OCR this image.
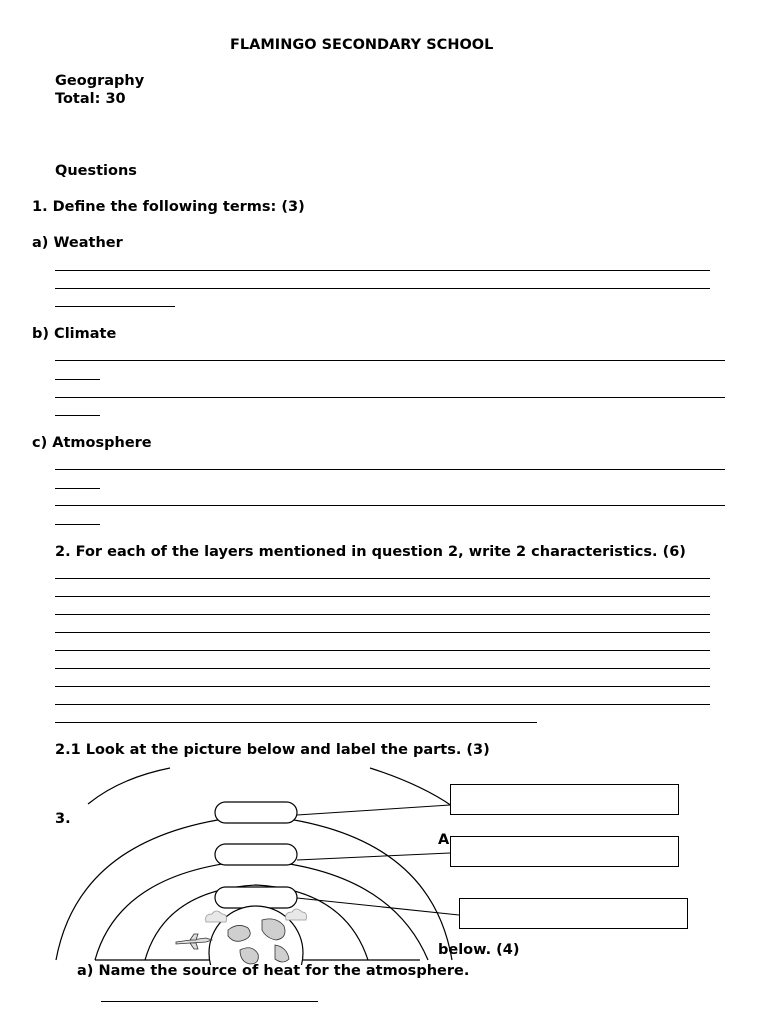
FLAMINGO SECONDARY SCHOOL
Geography
Total: 30
Questions
1. Define the following terms: (3)
a) Weather
b) Climate
c) Atmosphere
2. For each of the layers mentioned in question 2, write 2 characteristics. (6)
2.1 Look at the picture below and label the parts. (3)
3.
A
below. (4)
a) Name the source of heat for the atmosphere.
